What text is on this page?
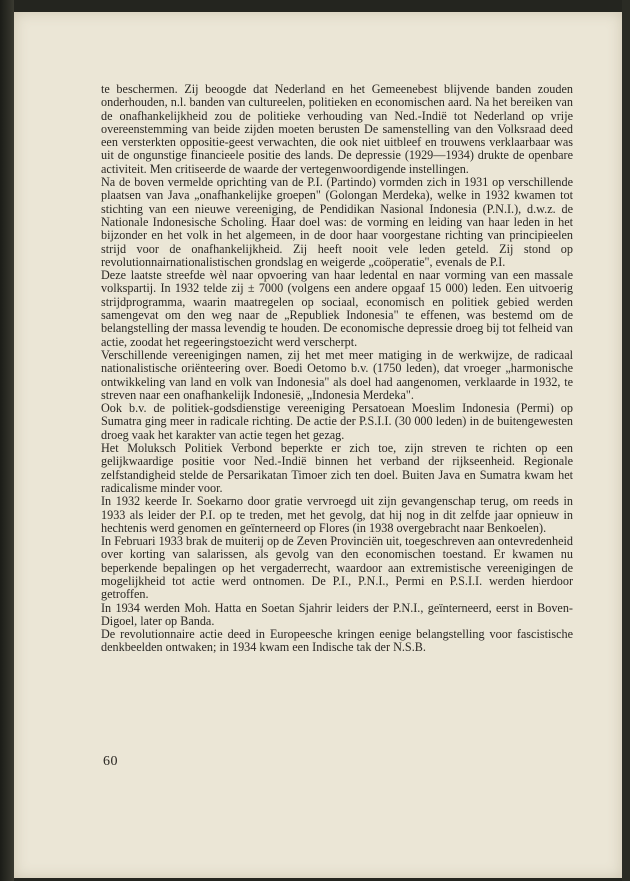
te beschermen. Zij beoogde dat Nederland en het Gemeenebest blijvende banden zouden onderhouden, n.l. banden van cultureelen, politieken en economischen aard. Na het bereiken van de onafhankelijkheid zou de politieke verhouding van Ned.-Indië tot Nederland op vrije overeenstemming van beide zijden moeten berusten De samenstelling van den Volksraad deed een versterkten oppositie-geest verwachten, die ook niet uitbleef en trouwens verklaarbaar was uit de ongunstige financieele positie des lands. De depressie (1929—1934) drukte de openbare activiteit. Men critiseerde de waarde der vertegenwoordigende instellingen.

Na de boven vermelde oprichting van de P.I. (Partindo) vormden zich in 1931 op verschillende plaatsen van Java „onafhankelijke groepen" (Golongan Merdeka), welke in 1932 kwamen tot stichting van een nieuwe vereeniging, de Pendidikan Nasional Indonesia (P.N.I.), d.w.z. de Nationale Indonesische Scholing. Haar doel was: de vorming en leiding van haar leden in het bijzonder en het volk in het algemeen, in de door haar voorgestane richting van principieelen strijd voor de onafhankelijkheid. Zij heeft nooit vele leden geteld. Zij stond op revolutionnairnationalistischen grondslag en weigerde „coöperatie", evenals de P.I.

Deze laatste streefde wèl naar opvoering van haar ledental en naar vorming van een massale volkspartij. In 1932 telde zij ± 7000 (volgens een andere opgaaf 15 000) leden. Een uitvoerig strijdprogramma, waarin maatregelen op sociaal, economisch en politiek gebied werden samengevat om den weg naar de „Republiek Indonesia" te effenen, was bestemd om de belangstelling der massa levendig te houden. De economische depressie droeg bij tot felheid van actie, zoodat het regeeringstoezicht werd verscherpt.

Verschillende vereenigingen namen, zij het met meer matiging in de werkwijze, de radicaal nationalistische oriënteering over. Boedi Oetomo b.v. (1750 leden), dat vroeger „harmonische ontwikkeling van land en volk van Indonesia" als doel had aangenomen, verklaarde in 1932, te streven naar een onafhankelijk Indonesië, „Indonesia Merdeka".

Ook b.v. de politiek-godsdienstige vereeniging Persatoean Moeslim Indonesia (Permi) op Sumatra ging meer in radicale richting. De actie der P.S.I.I. (30 000 leden) in de buitengewesten droeg vaak het karakter van actie tegen het gezag.

Het Moluksch Politiek Verbond beperkte er zich toe, zijn streven te richten op een gelijkwaardige positie voor Ned.-Indië binnen het verband der rijkseenheid. Regionale zelfstandigheid stelde de Persarikatan Timoer zich ten doel. Buiten Java en Sumatra kwam het radicalisme minder voor.

In 1932 keerde Ir. Soekarno door gratie vervroegd uit zijn gevangenschap terug, om reeds in 1933 als leider der P.I. op te treden, met het gevolg, dat hij nog in dit zelfde jaar opnieuw in hechtenis werd genomen en geïnterneerd op Flores (in 1938 overgebracht naar Benkoelen).

In Februari 1933 brak de muiterij op de Zeven Provinciën uit, toegeschreven aan ontevredenheid over korting van salarissen, als gevolg van den economischen toestand. Er kwamen nu beperkende bepalingen op het vergaderrecht, waardoor aan extremistische vereenigingen de mogelijkheid tot actie werd ontnomen. De P.I., P.N.I., Permi en P.S.I.I. werden hierdoor getroffen.

In 1934 werden Moh. Hatta en Soetan Sjahrir leiders der P.N.I., geïnterneerd, eerst in Boven-Digoel, later op Banda.

De revolutionnaire actie deed in Europeesche kringen eenige belangstelling voor fascistische denkbeelden ontwaken; in 1934 kwam een Indische tak der N.S.B.

60
